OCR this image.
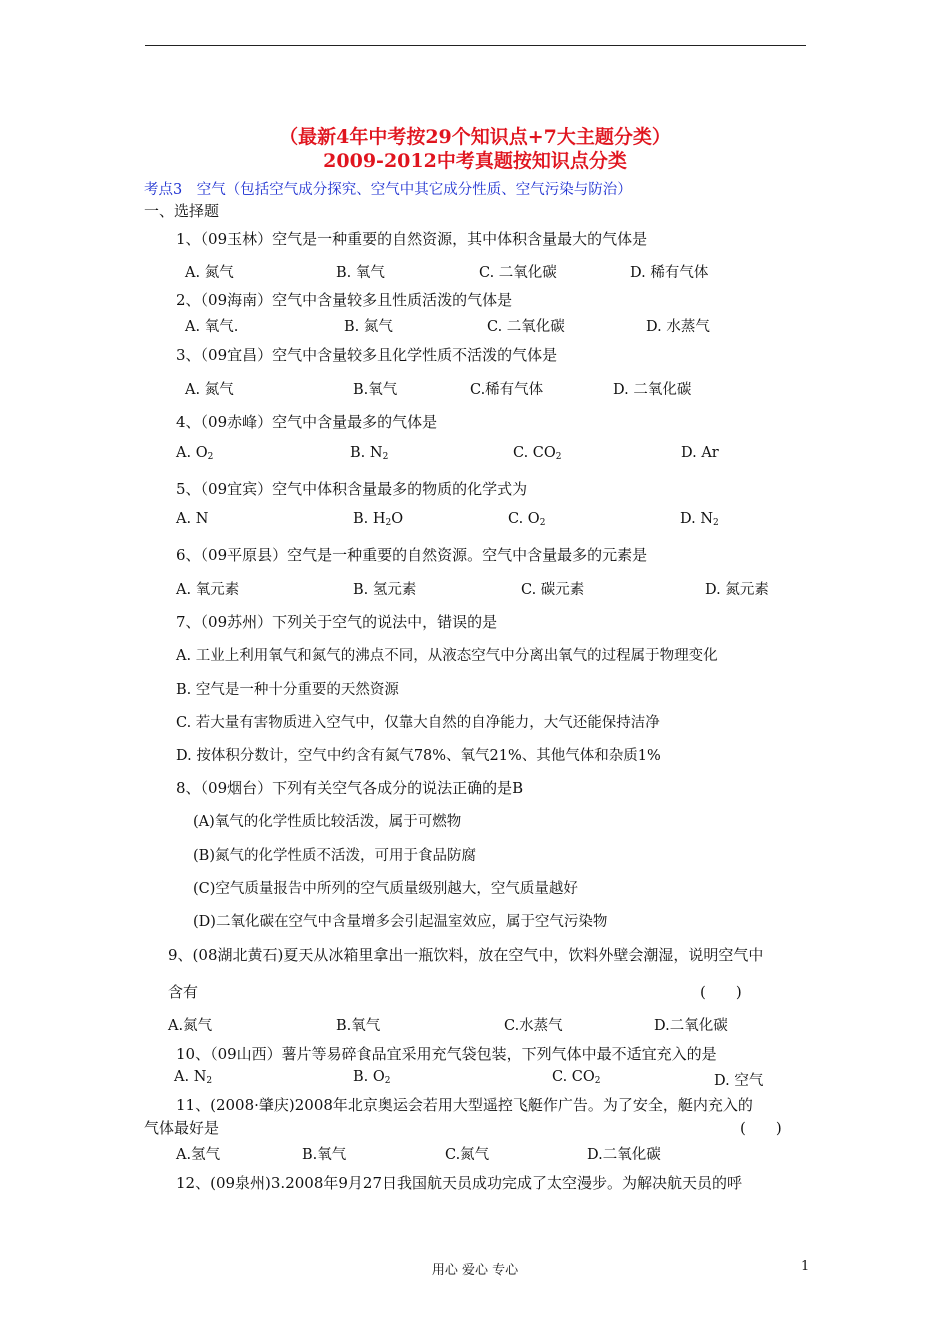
（最新4年中考按29个知识点+7大主题分类）
2009-2012中考真题按知识点分类
考点3　空气（包括空气成分探究、空气中其它成分性质、空气污染与防治）
一、选择题
1、（09玉林）空气是一种重要的自然资源，其中体积含量最大的气体是
A. 氮气	B. 氧气	C. 二氧化碳	D. 稀有气体
2、（09海南）空气中含量较多且性质活泼的气体是
A. 氧气.	B. 氮气	C. 二氧化碳	D. 水蒸气
3、（09宜昌）空气中含量较多且化学性质不活泼的气体是
A. 氮气	B.氧气	C.稀有气体	D. 二氧化碳
4、（09赤峰）空气中含量最多的气体是
A. $O_2$	B. $N_2$	C. $CO_2$	D. Ar
5、（09宜宾）空气中体积含量最多的物质的化学式为
A. N	B. $H_2O$	C. $O_2$	D. $N_2$
6、（09平原县）空气是一种重要的自然资源。空气中含量最多的元素是
A. 氧元素	B. 氢元素	C. 碳元素	D. 氮元素
7、（09苏州）下列关于空气的说法中，错误的是
A. 工业上利用氧气和氮气的沸点不同，从液态空气中分离出氧气的过程属于物理变化
B. 空气是一种十分重要的天然资源
C. 若大量有害物质进入空气中，仅靠大自然的自净能力，大气还能保持洁净
D. 按体积分数计，空气中约含有氮气78%、氧气21%、其他气体和杂质1%
8、（09烟台）下列有关空气各成分的说法正确的是B
(A)氧气的化学性质比较活泼，属于可燃物
(B)氮气的化学性质不活泼，可用于食品防腐
(C)空气质量报告中所列的空气质量级别越大，空气质量越好
(D)二氧化碳在空气中含量增多会引起温室效应，属于空气污染物
9、(08湖北黄石)夏天从冰箱里拿出一瓶饮料，放在空气中，饮料外壁会潮湿，说明空气中
含有	(　　)
A.氮气	B.氧气	C.水蒸气	D.二氧化碳
10、（09山西）薯片等易碎食品宜采用充气袋包装，下列气体中最不适宜充入的是
A. $N_2$	B. $O_2$	C. $CO_2$	D. 空气
11、(2008·肇庆)2008年北京奥运会若用大型遥控飞艇作广告。为了安全，艇内充入的
气体最好是	(　　)
A.氢气	B.氧气	C.氮气	D.二氧化碳
12、(09泉州)3.2008年9月27日我国航天员成功完成了太空漫步。为解决航天员的呼
用心 爱心 专心	1
